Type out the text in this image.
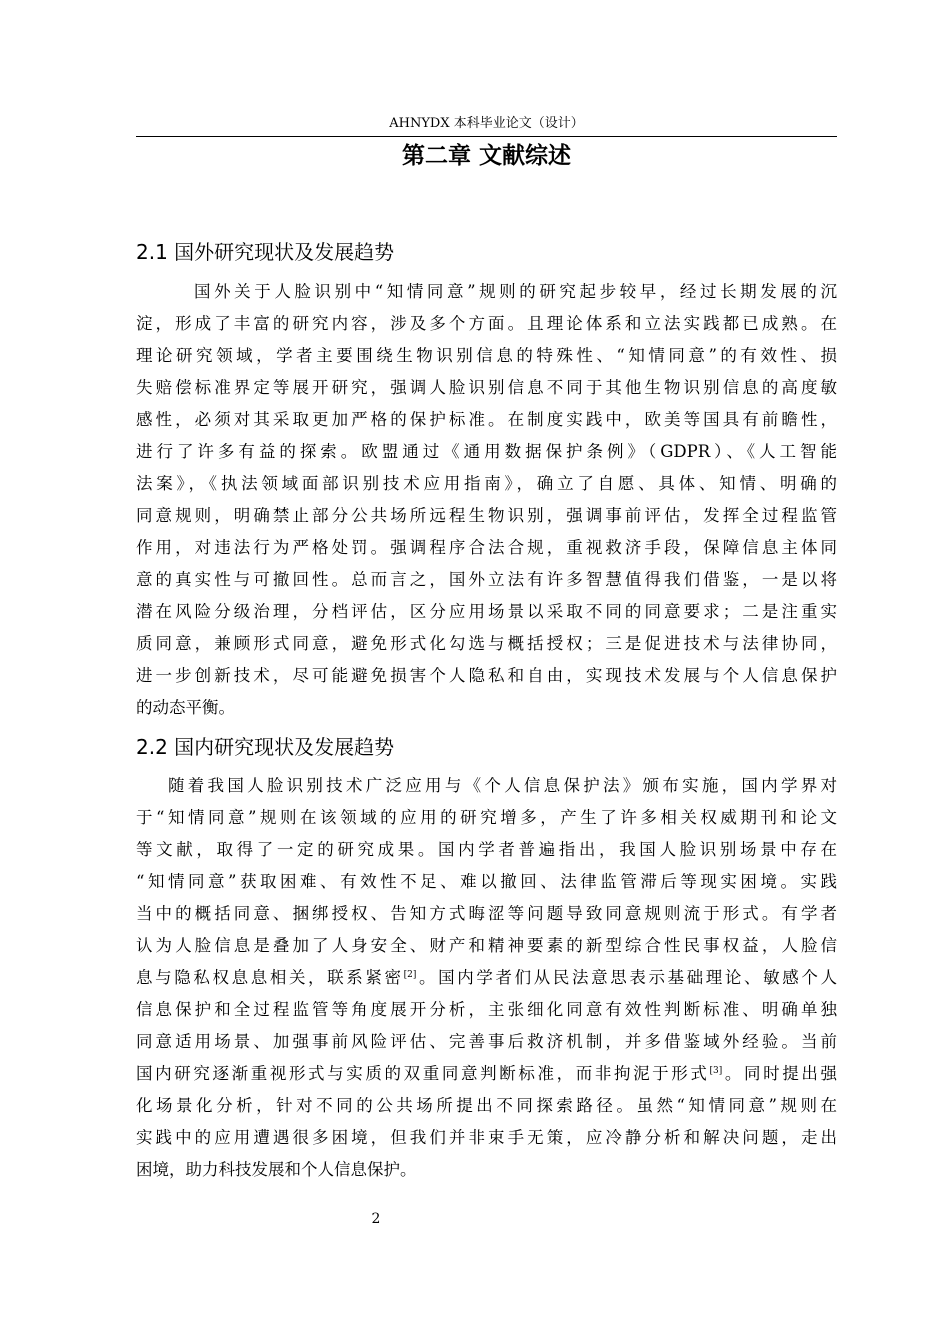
AHNYDX 本科毕业论文（设计）
第二章 文献综述
2.1 国外研究现状及发展趋势

国外关于人脸识别中“知情同意”规则的研究起步较早，经过长期发展的沉

淀，形成了丰富的研究内容，涉及多个方面。且理论体系和立法实践都已成熟。在

理论研究领域，学者主要围绕生物识别信息的特殊性、“知情同意”的有效性、损

失赔偿标准界定等展开研究，强调人脸识别信息不同于其他生物识别信息的高度敏

感性，必须对其采取更加严格的保护标准。在制度实践中，欧美等国具有前瞻性，

进行了许多有益的探索。欧盟通过《通用数据保护条例》（GDPR）、《人工智能

法案》，《执法领域面部识别技术应用指南》，确立了自愿、具体、知情、明确的

同意规则，明确禁止部分公共场所远程生物识别，强调事前评估，发挥全过程监管

作用，对违法行为严格处罚。强调程序合法合规，重视救济手段，保障信息主体同

意的真实性与可撤回性。总而言之，国外立法有许多智慧值得我们借鉴，一是以将

潜在风险分级治理，分档评估，区分应用场景以采取不同的同意要求；二是注重实

质同意，兼顾形式同意，避免形式化勾选与概括授权；三是促进技术与法律协同，

进一步创新技术，尽可能避免损害个人隐私和自由，实现技术发展与个人信息保护

的动态平衡。

2.2 国内研究现状及发展趋势

随着我国人脸识别技术广泛应用与《个人信息保护法》颁布实施，国内学界对

于“知情同意”规则在该领域的应用的研究增多，产生了许多相关权威期刊和论文

等文献，取得了一定的研究成果。国内学者普遍指出，我国人脸识别场景中存在

“知情同意”获取困难、有效性不足、难以撤回、法律监管滞后等现实困境。实践

当中的概括同意、捆绑授权、告知方式晦涩等问题导致同意规则流于形式。有学者

认为人脸信息是叠加了人身安全、财产和精神要素的新型综合性民事权益，人脸信

息与隐私权息息相关，联系紧密[2]。国内学者们从民法意思表示基础理论、敏感个人

信息保护和全过程监管等角度展开分析，主张细化同意有效性判断标准、明确单独

同意适用场景、加强事前风险评估、完善事后救济机制，并多借鉴域外经验。当前

国内研究逐渐重视形式与实质的双重同意判断标准，而非拘泥于形式[3]。同时提出强

化场景化分析，针对不同的公共场所提出不同探索路径。虽然“知情同意”规则在

实践中的应用遭遇很多困境，但我们并非束手无策，应冷静分析和解决问题，走出

困境，助力科技发展和个人信息保护。

2
